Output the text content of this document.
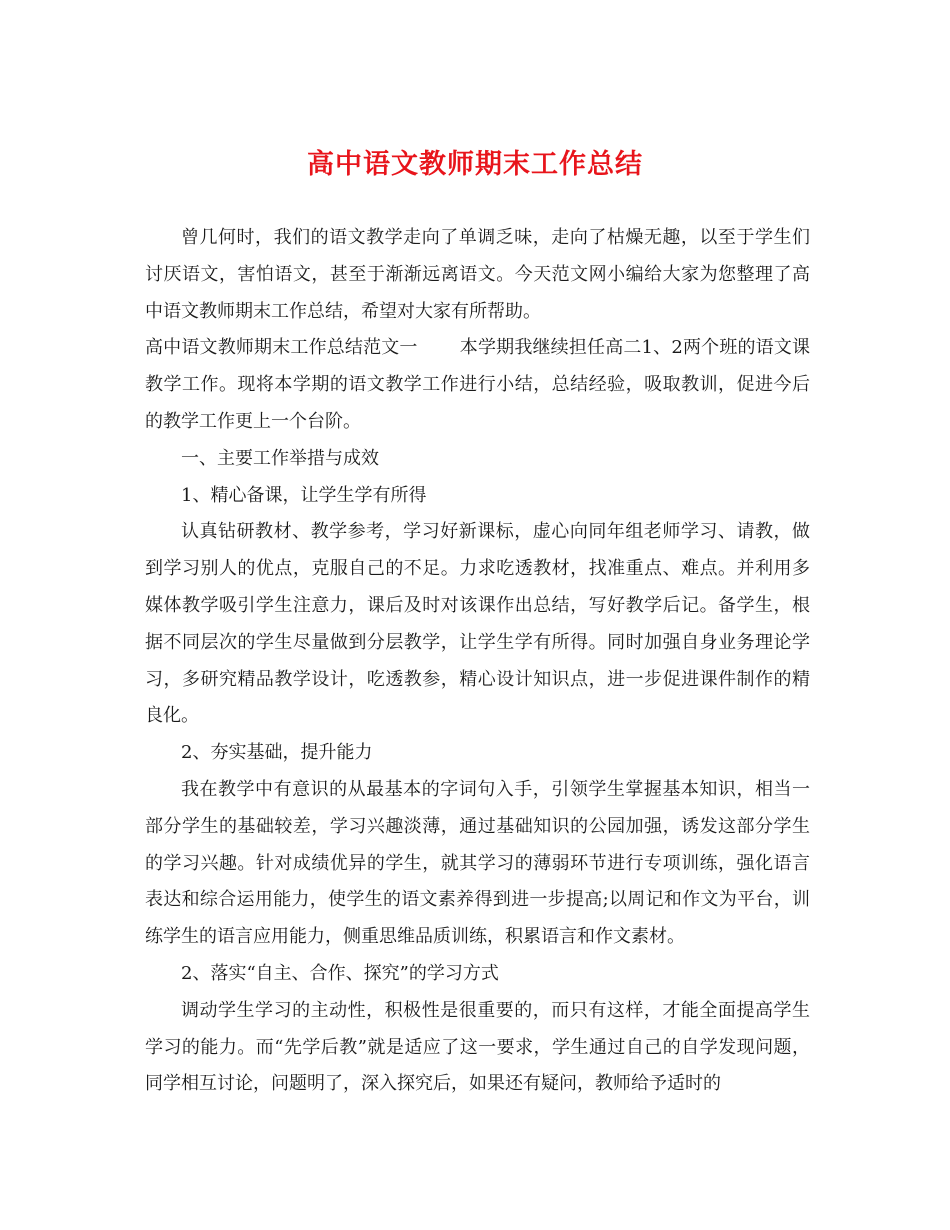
高中语文教师期末工作总结

曾几何时，我们的语文教学走向了单调乏味，走向了枯燥无趣，以至于学生们讨厌语文，害怕语文，甚至于渐渐远离语文。今天范文网小编给大家为您整理了高中语文教师期末工作总结，希望对大家有所帮助。

高中语文教师期末工作总结范文一 本学期我继续担任高二1、2两个班的语文课教学工作。现将本学期的语文教学工作进行小结，总结经验，吸取教训，促进今后的教学工作更上一个台阶。

一、主要工作举措与成效

1、精心备课，让学生学有所得

认真钻研教材、教学参考，学习好新课标，虚心向同年组老师学习、请教，做到学习别人的优点，克服自己的不足。力求吃透教材，找准重点、难点。并利用多媒体教学吸引学生注意力，课后及时对该课作出总结，写好教学后记。备学生，根据不同层次的学生尽量做到分层教学，让学生学有所得。同时加强自身业务理论学习，多研究精品教学设计，吃透教参，精心设计知识点，进一步促进课件制作的精良化。

2、夯实基础，提升能力

我在教学中有意识的从最基本的字词句入手，引领学生掌握基本知识，相当一部分学生的基础较差，学习兴趣淡薄，通过基础知识的公园加强，诱发这部分学生的学习兴趣。针对成绩优异的学生，就其学习的薄弱环节进行专项训练，强化语言表达和综合运用能力，使学生的语文素养得到进一步提高;以周记和作文为平台，训练学生的语言应用能力，侧重思维品质训练，积累语言和作文素材。

2、落实“自主、合作、探究”的学习方式

调动学生学习的主动性，积极性是很重要的，而只有这样，才能全面提高学生学习的能力。而“先学后教”就是适应了这一要求，学生通过自己的自学发现问题，同学相互讨论，问题明了，深入探究后，如果还有疑问，教师给予适时的
